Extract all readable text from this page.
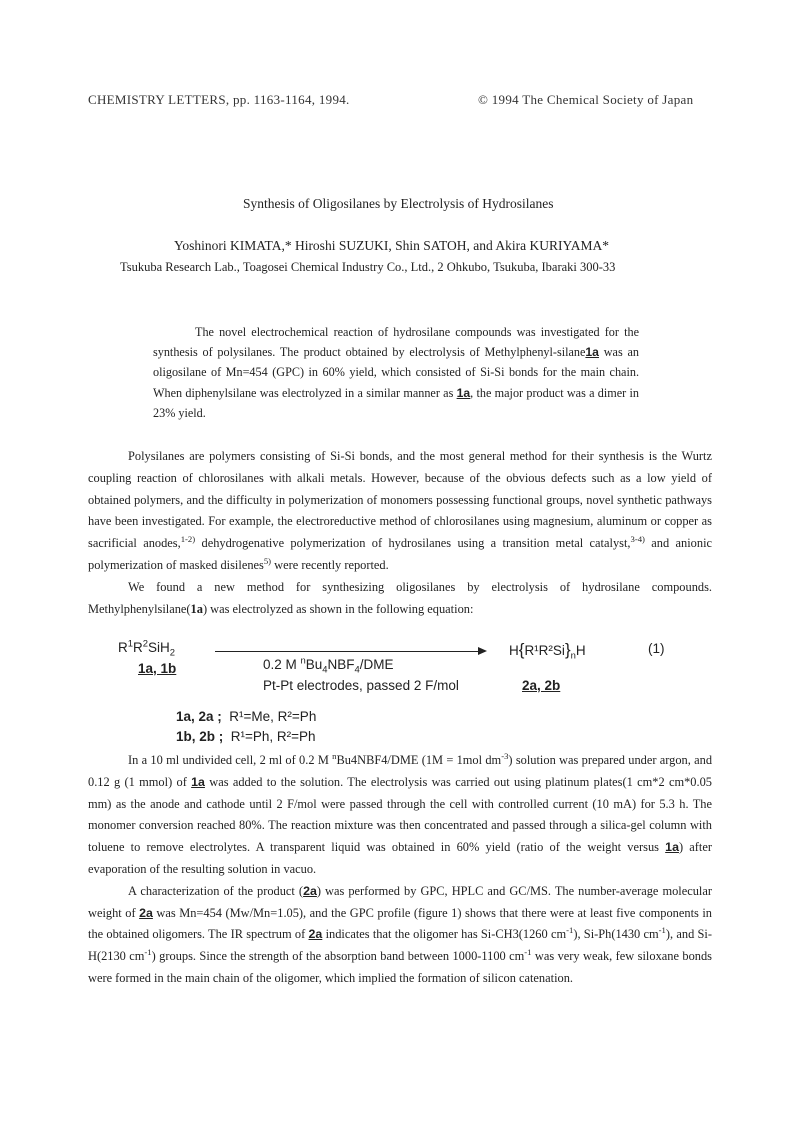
CHEMISTRY LETTERS, pp. 1163-1164, 1994.	© 1994 The Chemical Society of Japan
Synthesis of Oligosilanes by Electrolysis of Hydrosilanes
Yoshinori KIMATA,* Hiroshi SUZUKI, Shin SATOH, and Akira KURIYAMA*
Tsukuba Research Lab., Toagosei Chemical Industry Co., Ltd., 2 Ohkubo, Tsukuba, Ibaraki 300-33

The novel electrochemical reaction of hydrosilane compounds was investigated for the synthesis of polysilanes. The product obtained by electrolysis of Methylphenyl-silane1a was an oligosilane of Mn=454 (GPC) in 60% yield, which consisted of Si-Si bonds for the main chain. When diphenylsilane was electrolyzed in a similar manner as 1a, the major product was a dimer in 23% yield.

Polysilanes are polymers consisting of Si-Si bonds, and the most general method for their synthesis is the Wurtz coupling reaction of chlorosilanes with alkali metals. However, because of the obvious defects such as a low yield of obtained polymers, and the difficulty in polymerization of monomers possessing functional groups, novel synthetic pathways have been investigated. For example, the electroreductive method of chlorosilanes using magnesium, aluminum or copper as sacrificial anodes,$^{1-2)}$ dehydrogenative polymerization of hydrosilanes using a transition metal catalyst,$^{3-4)}$ and anionic polymerization of masked disilenes$^{5)}$ were recently reported.

We found a new method for synthesizing oligosilanes by electrolysis of hydrosilane compounds. Methylphenylsilane(1a) was electrolyzed as shown in the following equation:

$R^1R^2SiH_2$	$H\{R^1R^2Si\}_nH$	(1)
1a, 1b	0.2 M $^nBu_4NBF_4$/DME
Pt-Pt electrodes, passed 2 F/mol	2a, 2b
1a, 2a ; R¹=Me, R²=Ph
1b, 2b ; R¹=Ph, R²=Ph

In a 10 ml undivided cell, 2 ml of 0.2 M $^n$Bu4NBF4/DME (1M = 1mol $dm^{-3}$) solution was prepared under argon, and 0.12 g (1 mmol) of 1a was added to the solution. The electrolysis was carried out using platinum plates(1 cm*2 cm*0.05 mm) as the anode and cathode until 2 F/mol were passed through the cell with controlled current (10 mA) for 5.3 h. The monomer conversion reached 80%. The reaction mixture was then concentrated and passed through a silica-gel column with toluene to remove electrolytes. A transparent liquid was obtained in 60% yield (ratio of the weight versus 1a) after evaporation of the resulting solution in vacuo.

A characterization of the product (2a) was performed by GPC, HPLC and GC/MS. The number-average molecular weight of 2a was Mn=454 (Mw/Mn=1.05), and the GPC profile (figure 1) shows that there were at least five components in the obtained oligomers. The IR spectrum of 2a indicates that the oligomer has Si-CH3(1260 $cm^{-1}$), Si-Ph(1430 $cm^{-1}$), and Si-H(2130 $cm^{-1}$) groups. Since the strength of the absorption band between 1000-1100 $cm^{-1}$ was very weak, few siloxane bonds were formed in the main chain of the oligomer, which implied the formation of silicon catenation.
